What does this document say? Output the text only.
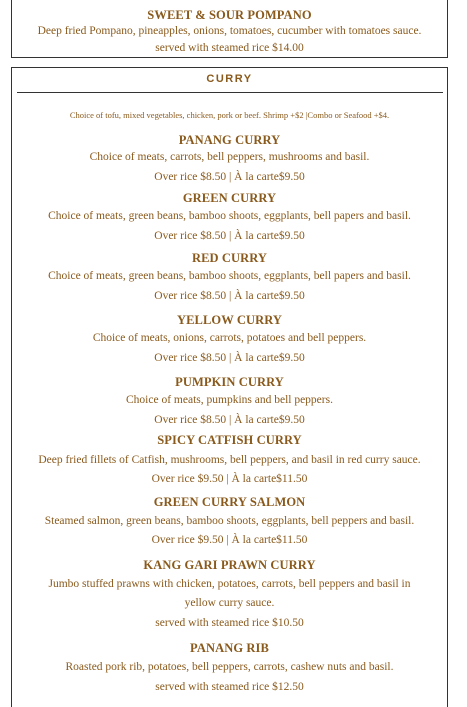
SWEET & SOUR POMPANO
Deep fried Pompano, pineapples, onions, tomatoes, cucumber with tomatoes sauce.
served with steamed rice $14.00
CURRY
Choice of tofu, mixed vegetables, chicken, pork or beef. Shrimp +$2 |Combo or Seafood +$4.
PANANG CURRY
Choice of meats, carrots, bell peppers, mushrooms and basil.
Over rice $8.50 | À la carte$9.50
GREEN CURRY
Choice of meats, green beans, bamboo shoots, eggplants, bell papers and basil.
Over rice $8.50 | À la carte$9.50
RED CURRY
Choice of meats, green beans, bamboo shoots, eggplants, bell papers and basil.
Over rice $8.50 | À la carte$9.50
YELLOW CURRY
Choice of meats, onions, carrots, potatoes and bell peppers.
Over rice $8.50 | À la carte$9.50
PUMPKIN CURRY
Choice of meats, pumpkins and bell peppers.
Over rice $8.50 | À la carte$9.50
SPICY CATFISH CURRY
Deep fried fillets of Catfish, mushrooms, bell peppers, and basil in red curry sauce.
Over rice $9.50 | À la carte$11.50
GREEN CURRY SALMON
Steamed salmon, green beans, bamboo shoots, eggplants, bell peppers and basil.
Over rice $9.50 | À la carte$11.50
KANG GARI PRAWN CURRY
Jumbo stuffed prawns with chicken, potatoes, carrots, bell peppers and basil in
yellow curry sauce.
served with steamed rice $10.50
PANANG RIB
Roasted pork rib, potatoes, bell peppers, carrots, cashew nuts and basil.
served with steamed rice $12.50
